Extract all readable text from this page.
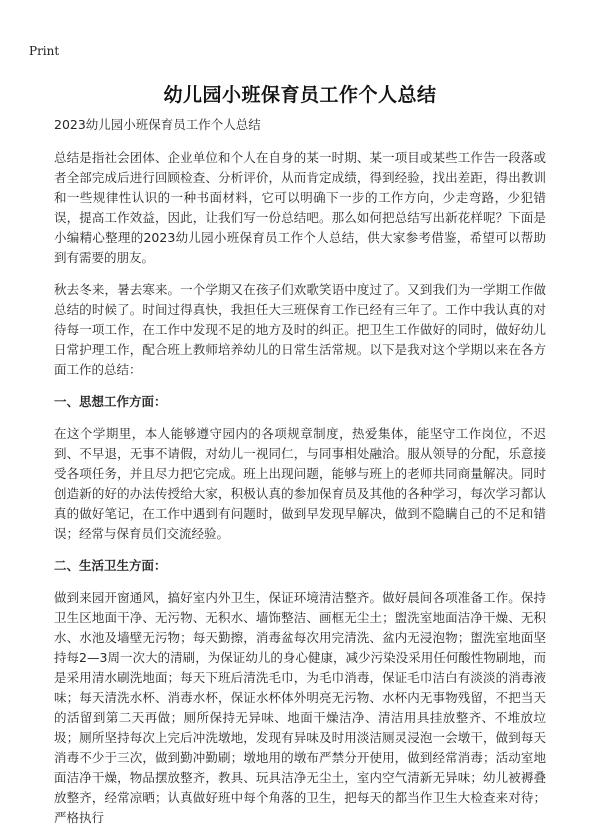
Print
幼儿园小班保育员工作个人总结

2023幼儿园小班保育员工作个人总结

总结是指社会团体、企业单位和个人在自身的某一时期、某一项目或某些工作告一段落或者全部完成后进行回顾检查、分析评价，从而肯定成绩，得到经验，找出差距，得出教训和一些规律性认识的一种书面材料，它可以明确下一步的工作方向，少走弯路，少犯错误，提高工作效益，因此，让我们写一份总结吧。那么如何把总结写出新花样呢？下面是小编精心整理的2023幼儿园小班保育员工作个人总结，供大家参考借鉴，希望可以帮助到有需要的朋友。

秋去冬来，暑去寒来。一个学期又在孩子们欢歌笑语中度过了。又到我们为一学期工作做总结的时候了。时间过得真快，我担任大三班保育工作已经有三年了。工作中我认真的对待每一项工作，在工作中发现不足的地方及时的纠正。把卫生工作做好的同时，做好幼儿日常护理工作，配合班上教师培养幼儿的日常生活常规。以下是我对这个学期以来在各方面工作的总结：

一、思想工作方面：

在这个学期里，本人能够遵守园内的各项规章制度，热爱集体，能坚守工作岗位，不迟到、不早退，无事不请假，对幼儿一视同仁，与同事相处融洽。服从领导的分配，乐意接受各项任务，并且尽力把它完成。班上出现问题，能够与班上的老师共同商量解决。同时创造新的好的办法传授给大家，积极认真的参加保育员及其他的各种学习，每次学习都认真的做好笔记，在工作中遇到有问题时，做到早发现早解决，做到不隐瞒自己的不足和错误；经常与保育员们交流经验。

二、生活卫生方面：

做到来园开窗通风，搞好室内外卫生，保证环境清洁整齐。做好晨间各项准备工作。保持卫生区地面干净、无污物、无积水、墙饰整洁、画框无尘土；盥洗室地面洁净干燥、无积水、水池及墙壁无污物；每天勤擦，消毒盆每次用完清洗、盆内无浸泡物；盥洗室地面坚持每2—3周一次大的清刷，为保证幼儿的身心健康，减少污染没采用任何酸性物刷地，而是采用清水刷洗地面；每天下班后清洗毛巾，为毛巾消毒，保证毛巾洁白有淡淡的消毒液味；每天清洗水杯、消毒水杯，保证水杯体外明亮无污物、水杯内无事物残留，不把当天的活留到第二天再做；厕所保持无异味、地面干燥洁净、清洁用具挂放整齐、不堆放垃圾；厕所坚持每次上完后冲洗墩地，发现有异味及时用淡洁厕灵浸泡一会墩干，做到每天消毒不少于三次，做到勤冲勤刷；墩地用的墩布严禁分开使用，做到经常消毒；活动室地面洁净干燥，物品摆放整齐，教具、玩具洁净无尘土，室内空气清新无异味；幼儿被褥叠放整齐，经常凉晒；认真做好班中每个角落的卫生，把每天的都当作卫生大检查来对待；严格执行
